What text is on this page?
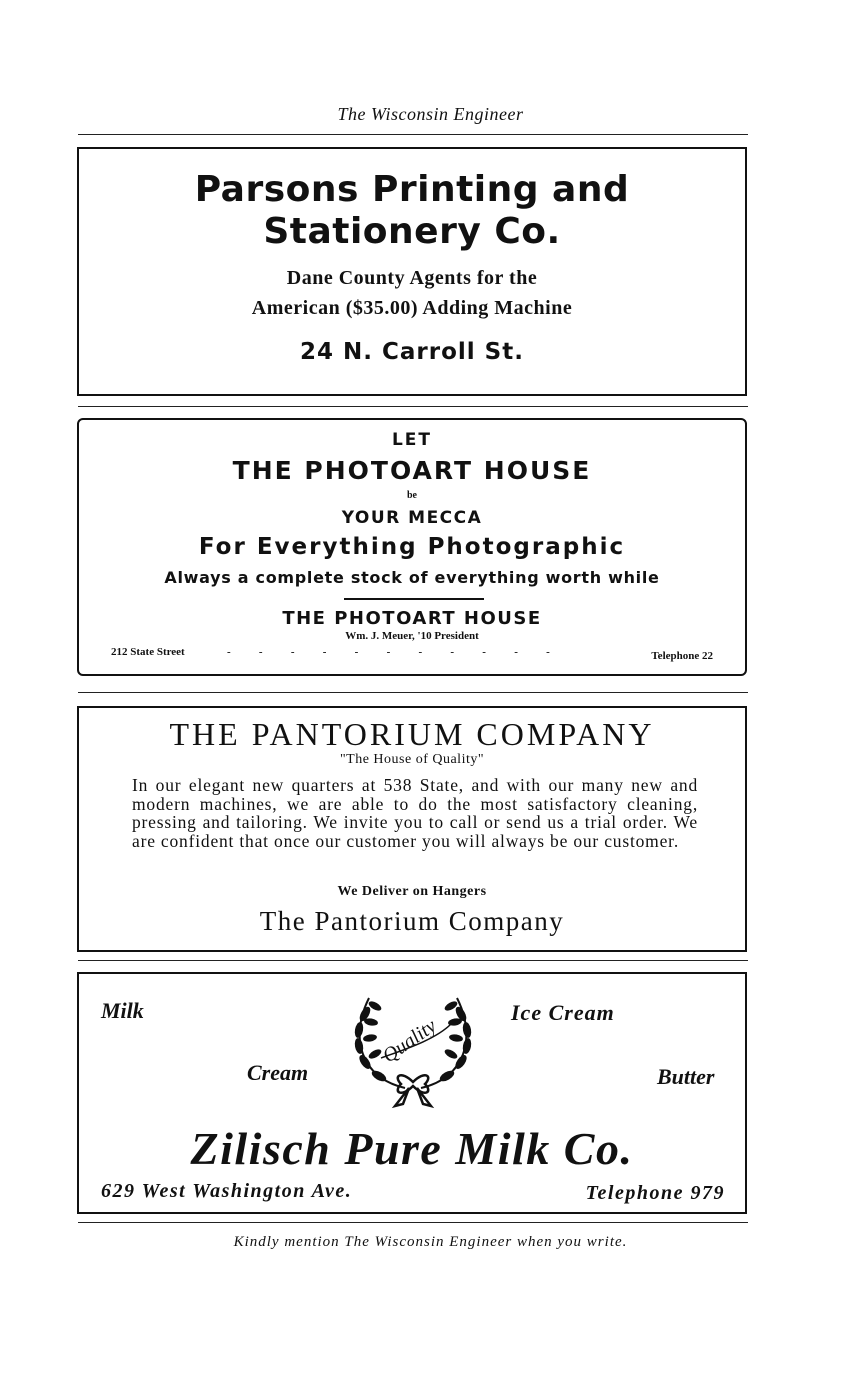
The Wisconsin Engineer
Parsons Printing and
Stationery Co.
Dane County Agents for the
American ($35.00) Adding Machine
24 N. Carroll St.
LET
THE PHOTOART HOUSE
be
YOUR MECCA
For Everything Photographic
Always a complete stock of everything worth while
THE PHOTOART HOUSE
Wm. J. Meuer, '10 President
212 State Street	-   -   -   -   -   -   -   -   -   -   -	Telephone 22
THE PANTORIUM COMPANY
"The House of Quality"
In our elegant new quarters at 538 State, and with our many new and modern machines, we are able to do the most satisfactory cleaning, pressing and tailoring. We invite you to call or send us a trial order. We are confident that once our customer you will always be our customer.
We Deliver on Hangers
The Pantorium Company
Milk	Ice Cream
Cream	Butter
Quality
Zilisch Pure Milk Co.
629 West Washington Ave.	Telephone 979
Kindly mention The Wisconsin Engineer when you write.
